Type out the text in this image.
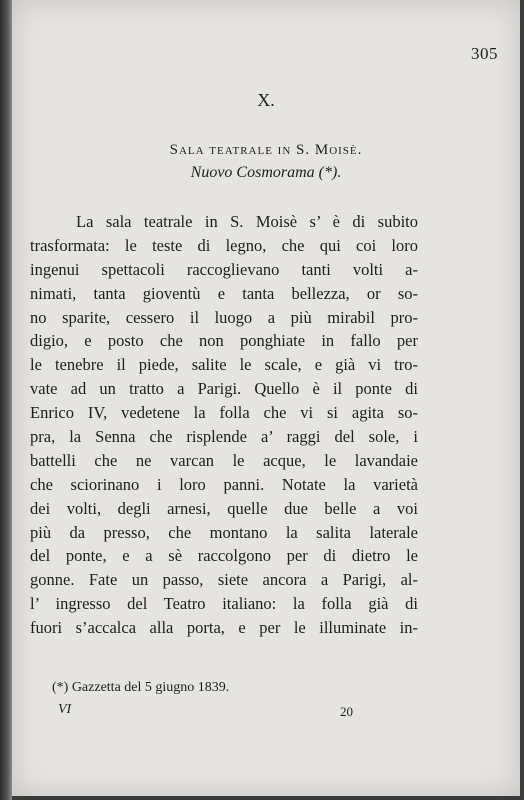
305
X.
Sala teatrale in S. Moisè.
Nuovo Cosmorama (*).
La sala teatrale in S. Moisè s’ è di subito
trasformata: le teste di legno, che qui coi loro
ingenui spettacoli raccoglievano tanti volti a-
nimati, tanta gioventù e tanta bellezza, or so-
no sparite, cessero il luogo a più mirabil pro-
digio, e posto che non ponghiate in fallo per
le tenebre il piede, salite le scale, e già vi tro-
vate ad un tratto a Parigi. Quello è il ponte di
Enrico IV, vedetene la folla che vi si agita so-
pra, la Senna che risplende a’ raggi del sole, i
battelli che ne varcan le acque, le lavandaie
che sciorinano i loro panni. Notate la varietà
dei volti, degli arnesi, quelle due belle a voi
più da presso, che montano la salita laterale
del ponte, e a sè raccolgono per di dietro le
gonne. Fate un passo, siete ancora a Parigi, al-
l’ ingresso del Teatro italiano: la folla già di
fuori s’accalca alla porta, e per le illuminate in-
(*) Gazzetta del 5 giugno 1839.
VI	20
